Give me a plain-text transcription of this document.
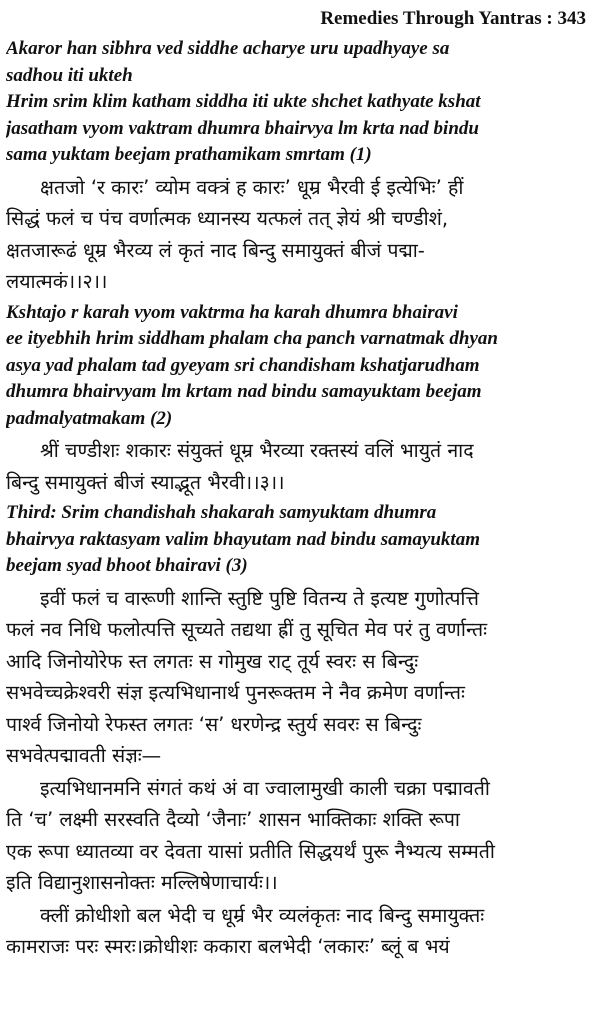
Remedies Through Yantras : 343

Akaror han sibhra ved siddhe acharye uru upadhyaye sa
sadhou iti ukteh
Hrim srim klim katham siddha iti ukte shchet kathyate kshat
jasatham vyom vaktram dhumra bhairvya lm krta nad bindu
sama yuktam beejam prathamikam smrtam (1)

क्षतजो ‘र कारः’ व्योम वक्त्रं ह कारः’ धूम्र भैरवी ई इत्येभिः’ हीं
सिद्धं फलं च पंच वर्णात्मक ध्यानस्य यत्फलं तत् ज्ञेयं श्री चण्डीशं,
क्षतजारूढं धूम्र भैरव्य लं कृतं नाद बिन्दु समायुक्तं बीजं पद्मा-
लयात्मकं।।२।।

Kshtajo r karah vyom vaktrma ha karah dhumra bhairavi
ee ityebhih hrim siddham phalam cha panch varnatmak dhyan
asya yad phalam tad gyeyam sri chandisham kshatjarudham
dhumra bhairvyam lm krtam nad bindu samayuktam beejam
padmalyatmakam (2)

श्रीं चण्डीशः शकारः संयुक्तं धूम्र भैरव्या रक्तस्यं वलिं भायुतं नाद
बिन्दु समायुक्तं बीजं स्याद्भूत भैरवी।।३।।

Third: Srim chandishah shakarah samyuktam dhumra
bhairvya raktasyam valim bhayutam nad bindu samayuktam
beejam syad bhoot bhairavi (3)

इवीं फलं च वारूणी शान्ति स्तुष्टि पुष्टि वितन्य ते इत्यष्ट गुणोत्पत्ति
फलं नव निधि फलोत्पत्ति सूच्यते तद्यथा ह्रीं तु सूचित मेव परं तु वर्णान्तः
आदि जिनोयोरेफ स्त लगतः स गोमुख राट् तूर्य स्वरः स बिन्दुः
सभवेच्चक्रेश्वरी संज्ञ इत्यभिधानार्थ पुनरूक्तम ने नैव क्रमेण वर्णान्तः
पार्श्व जिनोयो रेफस्त लगतः ‘स’ धरणेन्द्र स्तुर्य सवरः स बिन्दुः
सभवेत्पद्मावती संज्ञः—

इत्यभिधानमनि संगतं कथं अं वा ज्वालामुखी काली चक्रा पद्मावती
ति ‘च’ लक्ष्मी सरस्वति दैव्यो ‘जैनाः’ शासन भाक्तिकाः शक्ति रूपा
एक रूपा ध्यातव्या वर देवता यासां प्रतीति सिद्धयर्थं पुरू नैभ्यत्य सम्मती
इति विद्यानुशासनोक्तः मल्लिषेणाचार्यः।।

क्लीं क्रोधीशो बल भेदी च धूर्म्र भैर व्यलंकृतः नाद बिन्दु समायुक्तः
कामराजः परः स्मरः।क्रोधीशः ककारा बलभेदी ‘लकारः’ ब्लूं ब भयं
